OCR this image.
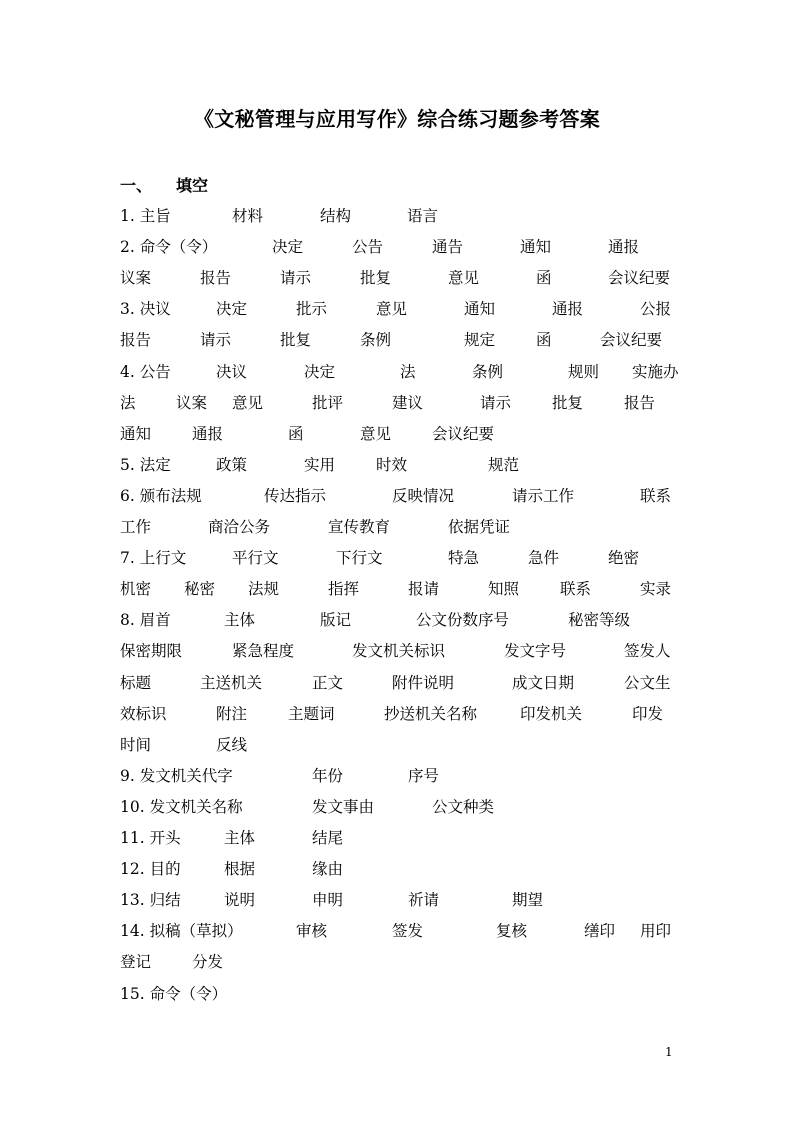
《文秘管理与应用写作》综合练习题参考答案
一、 填空
1. 主旨	材料	结构	语言
2. 命令（令）	决定	公告	通告	通知	通报
议案	报告	请示	批复	意见	函	会议纪要
3. 决议	决定	批示	意见	通知	通报	公报
报告	请示	批复	条例	规定	函	会议纪要
4. 公告	决议	决定	法	条例	规则 实施办
法	议案 意见	批评	建议	请示	批复	报告
通知	通报	函	意见	会议纪要
5. 法定	政策	实用	时效	规范
6. 颁布法规	传达指示	反映情况	请示工作	联系
工作	商洽公务	宣传教育	依据凭证
7. 上行文	平行文	下行文	特急	急件	绝密
机密 秘密 法规	指挥	报请	知照	联系	实录
8. 眉首	主体	版记	公文份数序号	秘密等级
保密期限	紧急程度	发文机关标识	发文字号	签发人
标题	主送机关	正文	附件说明	成文日期	公文生
效标识	附注	主题词	抄送机关名称	印发机关	印发
时间	反线
9. 发文机关代字	年份	序号
10. 发文机关名称	发文事由	公文种类
11. 开头	主体	结尾
12. 目的	根据	缘由
13. 归结	说明	申明	祈请	期望
14. 拟稿（草拟）	审核	签发	复核	缮印 用印
登记	分发
15. 命令（令）
1
